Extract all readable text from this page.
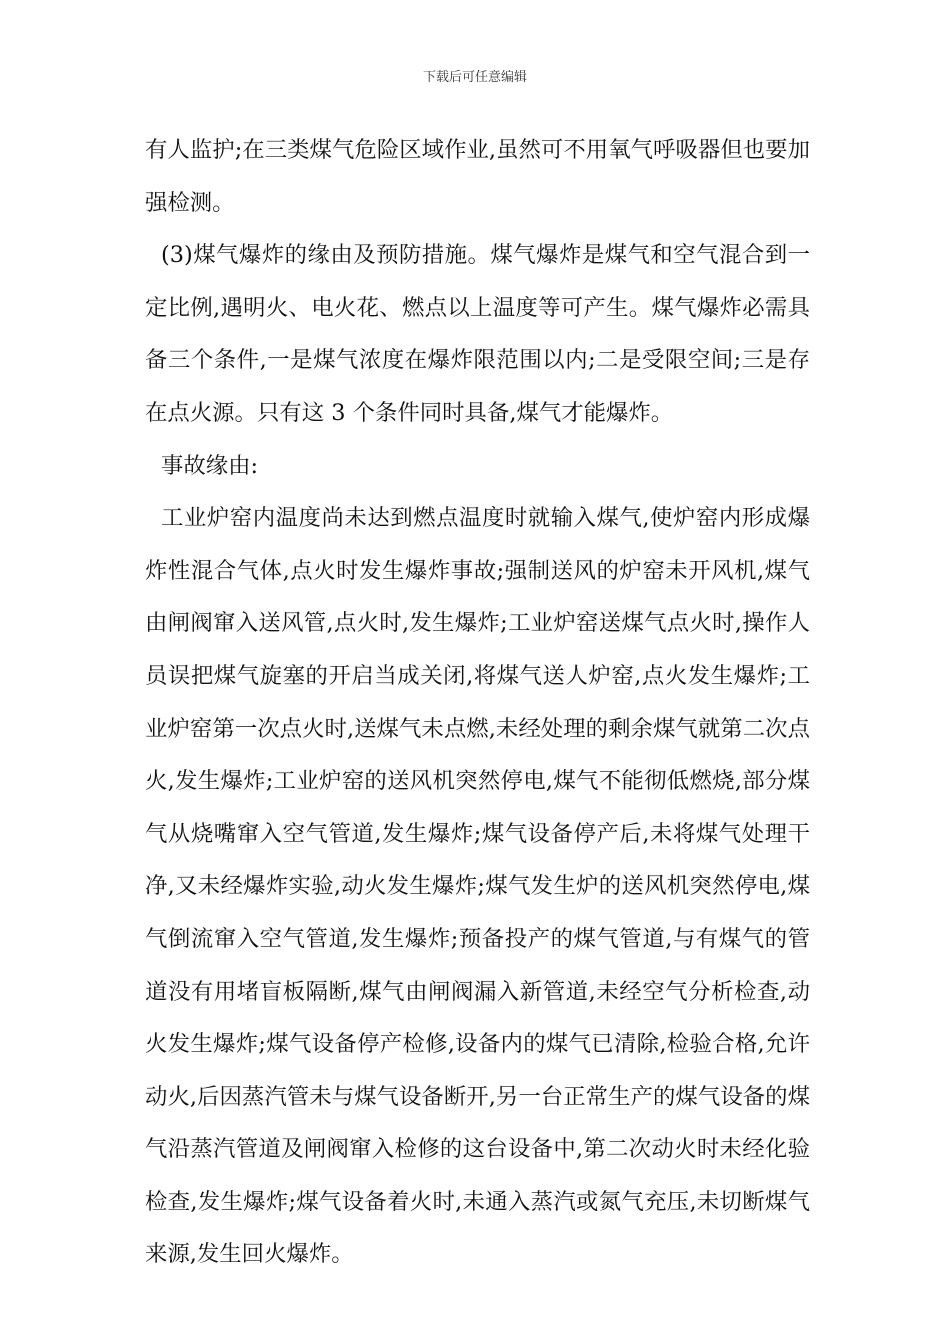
下载后可任意编辑
有人监护;在三类煤气危险区域作业,虽然可不用氧气呼吸器但也要加
强检测。
(3)煤气爆炸的缘由及预防措施。煤气爆炸是煤气和空气混合到一
定比例,遇明火、电火花、燃点以上温度等可产生。煤气爆炸必需具
备三个条件,一是煤气浓度在爆炸限范围以内;二是受限空间;三是存
在点火源。只有这 3 个条件同时具备,煤气才能爆炸。
事故缘由:
工业炉窑内温度尚未达到燃点温度时就输入煤气,使炉窑内形成爆
炸性混合气体,点火时发生爆炸事故;强制送风的炉窑未开风机,煤气
由闸阀窜入送风管,点火时,发生爆炸;工业炉窑送煤气点火时,操作人
员误把煤气旋塞的开启当成关闭,将煤气送人炉窑,点火发生爆炸;工
业炉窑第一次点火时,送煤气未点燃,未经处理的剩余煤气就第二次点
火,发生爆炸;工业炉窑的送风机突然停电,煤气不能彻低燃烧,部分煤
气从烧嘴窜入空气管道,发生爆炸;煤气设备停产后,未将煤气处理干
净,又未经爆炸实验,动火发生爆炸;煤气发生炉的送风机突然停电,煤
气倒流窜入空气管道,发生爆炸;预备投产的煤气管道,与有煤气的管
道没有用堵盲板隔断,煤气由闸阀漏入新管道,未经空气分析检查,动
火发生爆炸;煤气设备停产检修,设备内的煤气已清除,检验合格,允许
动火,后因蒸汽管未与煤气设备断开,另一台正常生产的煤气设备的煤
气沿蒸汽管道及闸阀窜入检修的这台设备中,第二次动火时未经化验
检查,发生爆炸;煤气设备着火时,未通入蒸汽或氮气充压,未切断煤气
来源,发生回火爆炸。
